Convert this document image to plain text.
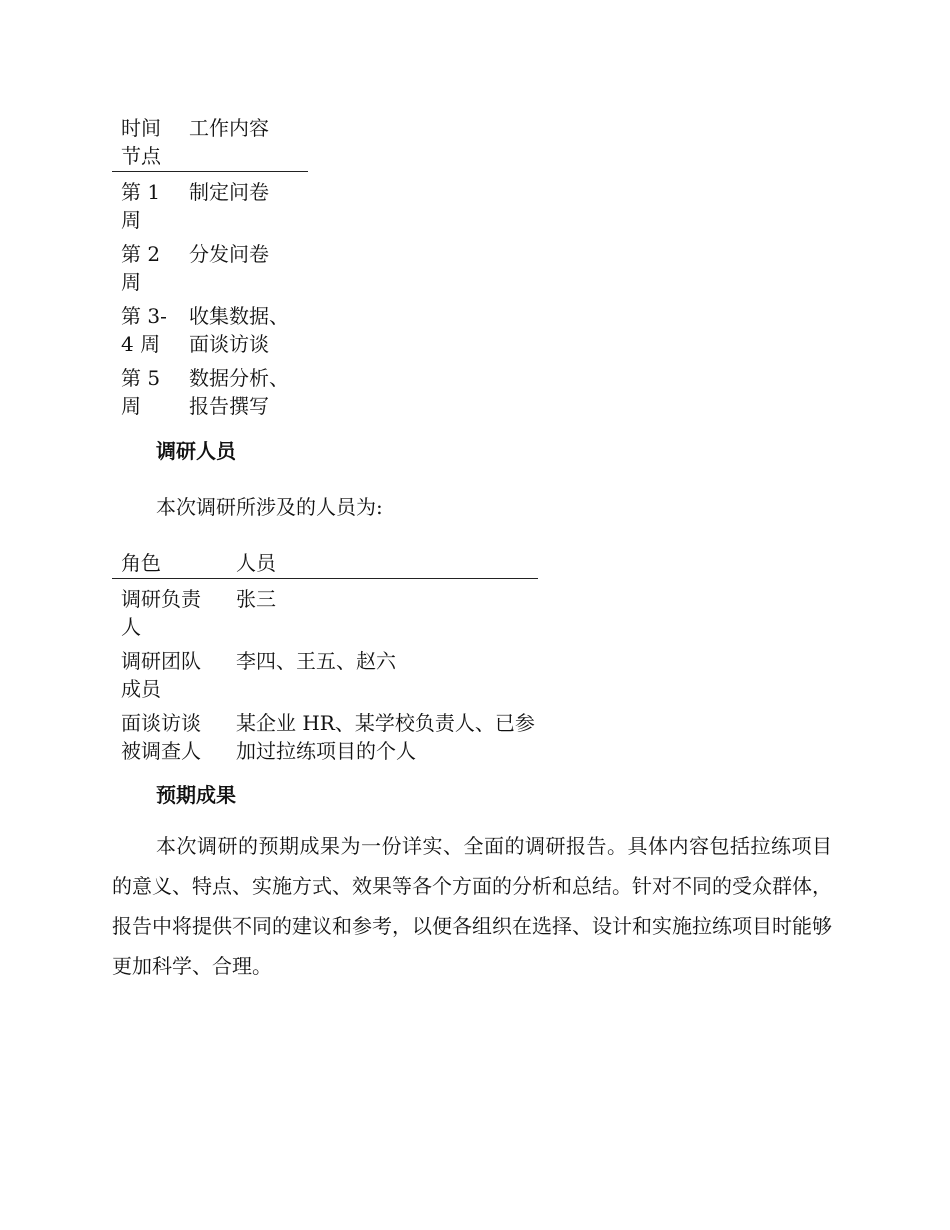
时间节点	工作内容
第 1 周	制定问卷
第 2 周	分发问卷
第 3-4 周	收集数据、面谈访谈
第 5 周	数据分析、报告撰写
调研人员

本次调研所涉及的人员为:

角色	人员
调研负责人	张三
调研团队成员	李四、王五、赵六
面谈访谈被调查人	某企业 HR、某学校负责人、已参加过拉练项目的个人
预期成果

本次调研的预期成果为一份详实、全面的调研报告。具体内容包括拉练项目的意义、特点、实施方式、效果等各个方面的分析和总结。针对不同的受众群体，报告中将提供不同的建议和参考，以便各组织在选择、设计和实施拉练项目时能够更加科学、合理。
